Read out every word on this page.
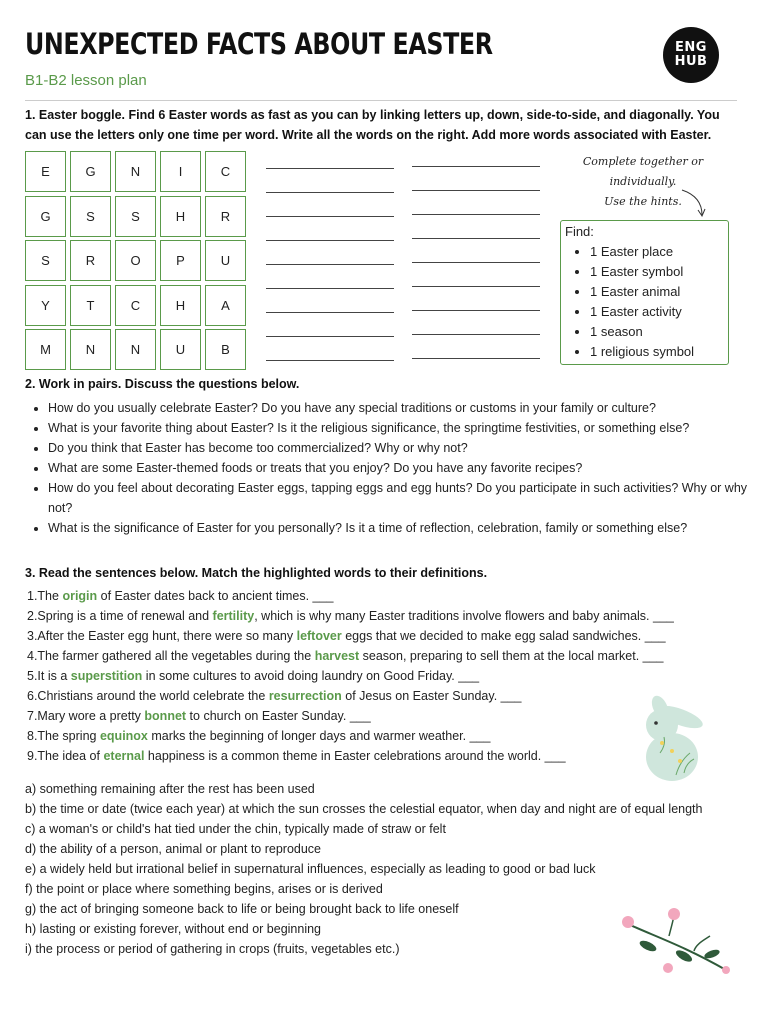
UNEXPECTED FACTS ABOUT EASTER
B1-B2 lesson plan
ENG
HUB
1. Easter boggle. Find 6 Easter words as fast as you can by linking letters up, down, side-to-side, and diagonally. You can use the letters only one time per word. Write all the words on the right. Add more words associated with Easter.
E	G	N	I	C
G	S	S	H	R
S	R	O	P	U
Y	T	C	H	A
M	N	N	U	B
Complete together or individually.
Use the hints.
Find:
• 1 Easter place
• 1 Easter symbol
• 1 Easter animal
• 1 Easter activity
• 1 season
• 1 religious symbol
2. Work in pairs. Discuss the questions below.
• How do you usually celebrate Easter? Do you have any special traditions or customs in your family or culture?
• What is your favorite thing about Easter? Is it the religious significance, the springtime festivities, or something else?
• Do you think that Easter has become too commercialized? Why or why not?
• What are some Easter-themed foods or treats that you enjoy? Do you have any favorite recipes?
• How do you feel about decorating Easter eggs, tapping eggs and egg hunts? Do you participate in such activities? Why or why not?
• What is the significance of Easter for you personally? Is it a time of reflection, celebration, family or something else?
3. Read the sentences below. Match the highlighted words to their definitions.
1.The origin of Easter dates back to ancient times. ___
2.Spring is a time of renewal and fertility, which is why many Easter traditions involve flowers and baby animals. ___
3.After the Easter egg hunt, there were so many leftover eggs that we decided to make egg salad sandwiches. ___
4.The farmer gathered all the vegetables during the harvest season, preparing to sell them at the local market. ___
5.It is a superstition in some cultures to avoid doing laundry on Good Friday. ___
6.Christians around the world celebrate the resurrection of Jesus on Easter Sunday. ___
7.Mary wore a pretty bonnet to church on Easter Sunday. ___
8.The spring equinox marks the beginning of longer days and warmer weather. ___
9.The idea of eternal happiness is a common theme in Easter celebrations around the world. ___
a) something remaining after the rest has been used
b) the time or date (twice each year) at which the sun crosses the celestial equator, when day and night are of equal length
c) a woman's or child's hat tied under the chin, typically made of straw or felt
d) the ability of a person, animal or plant to reproduce
e) a widely held but irrational belief in supernatural influences, especially as leading to good or bad luck
f) the point or place where something begins, arises or is derived
g) the act of bringing someone back to life or being brought back to life oneself
h) lasting or existing forever, without end or beginning
i) the process or period of gathering in crops (fruits, vegetables etc.)
